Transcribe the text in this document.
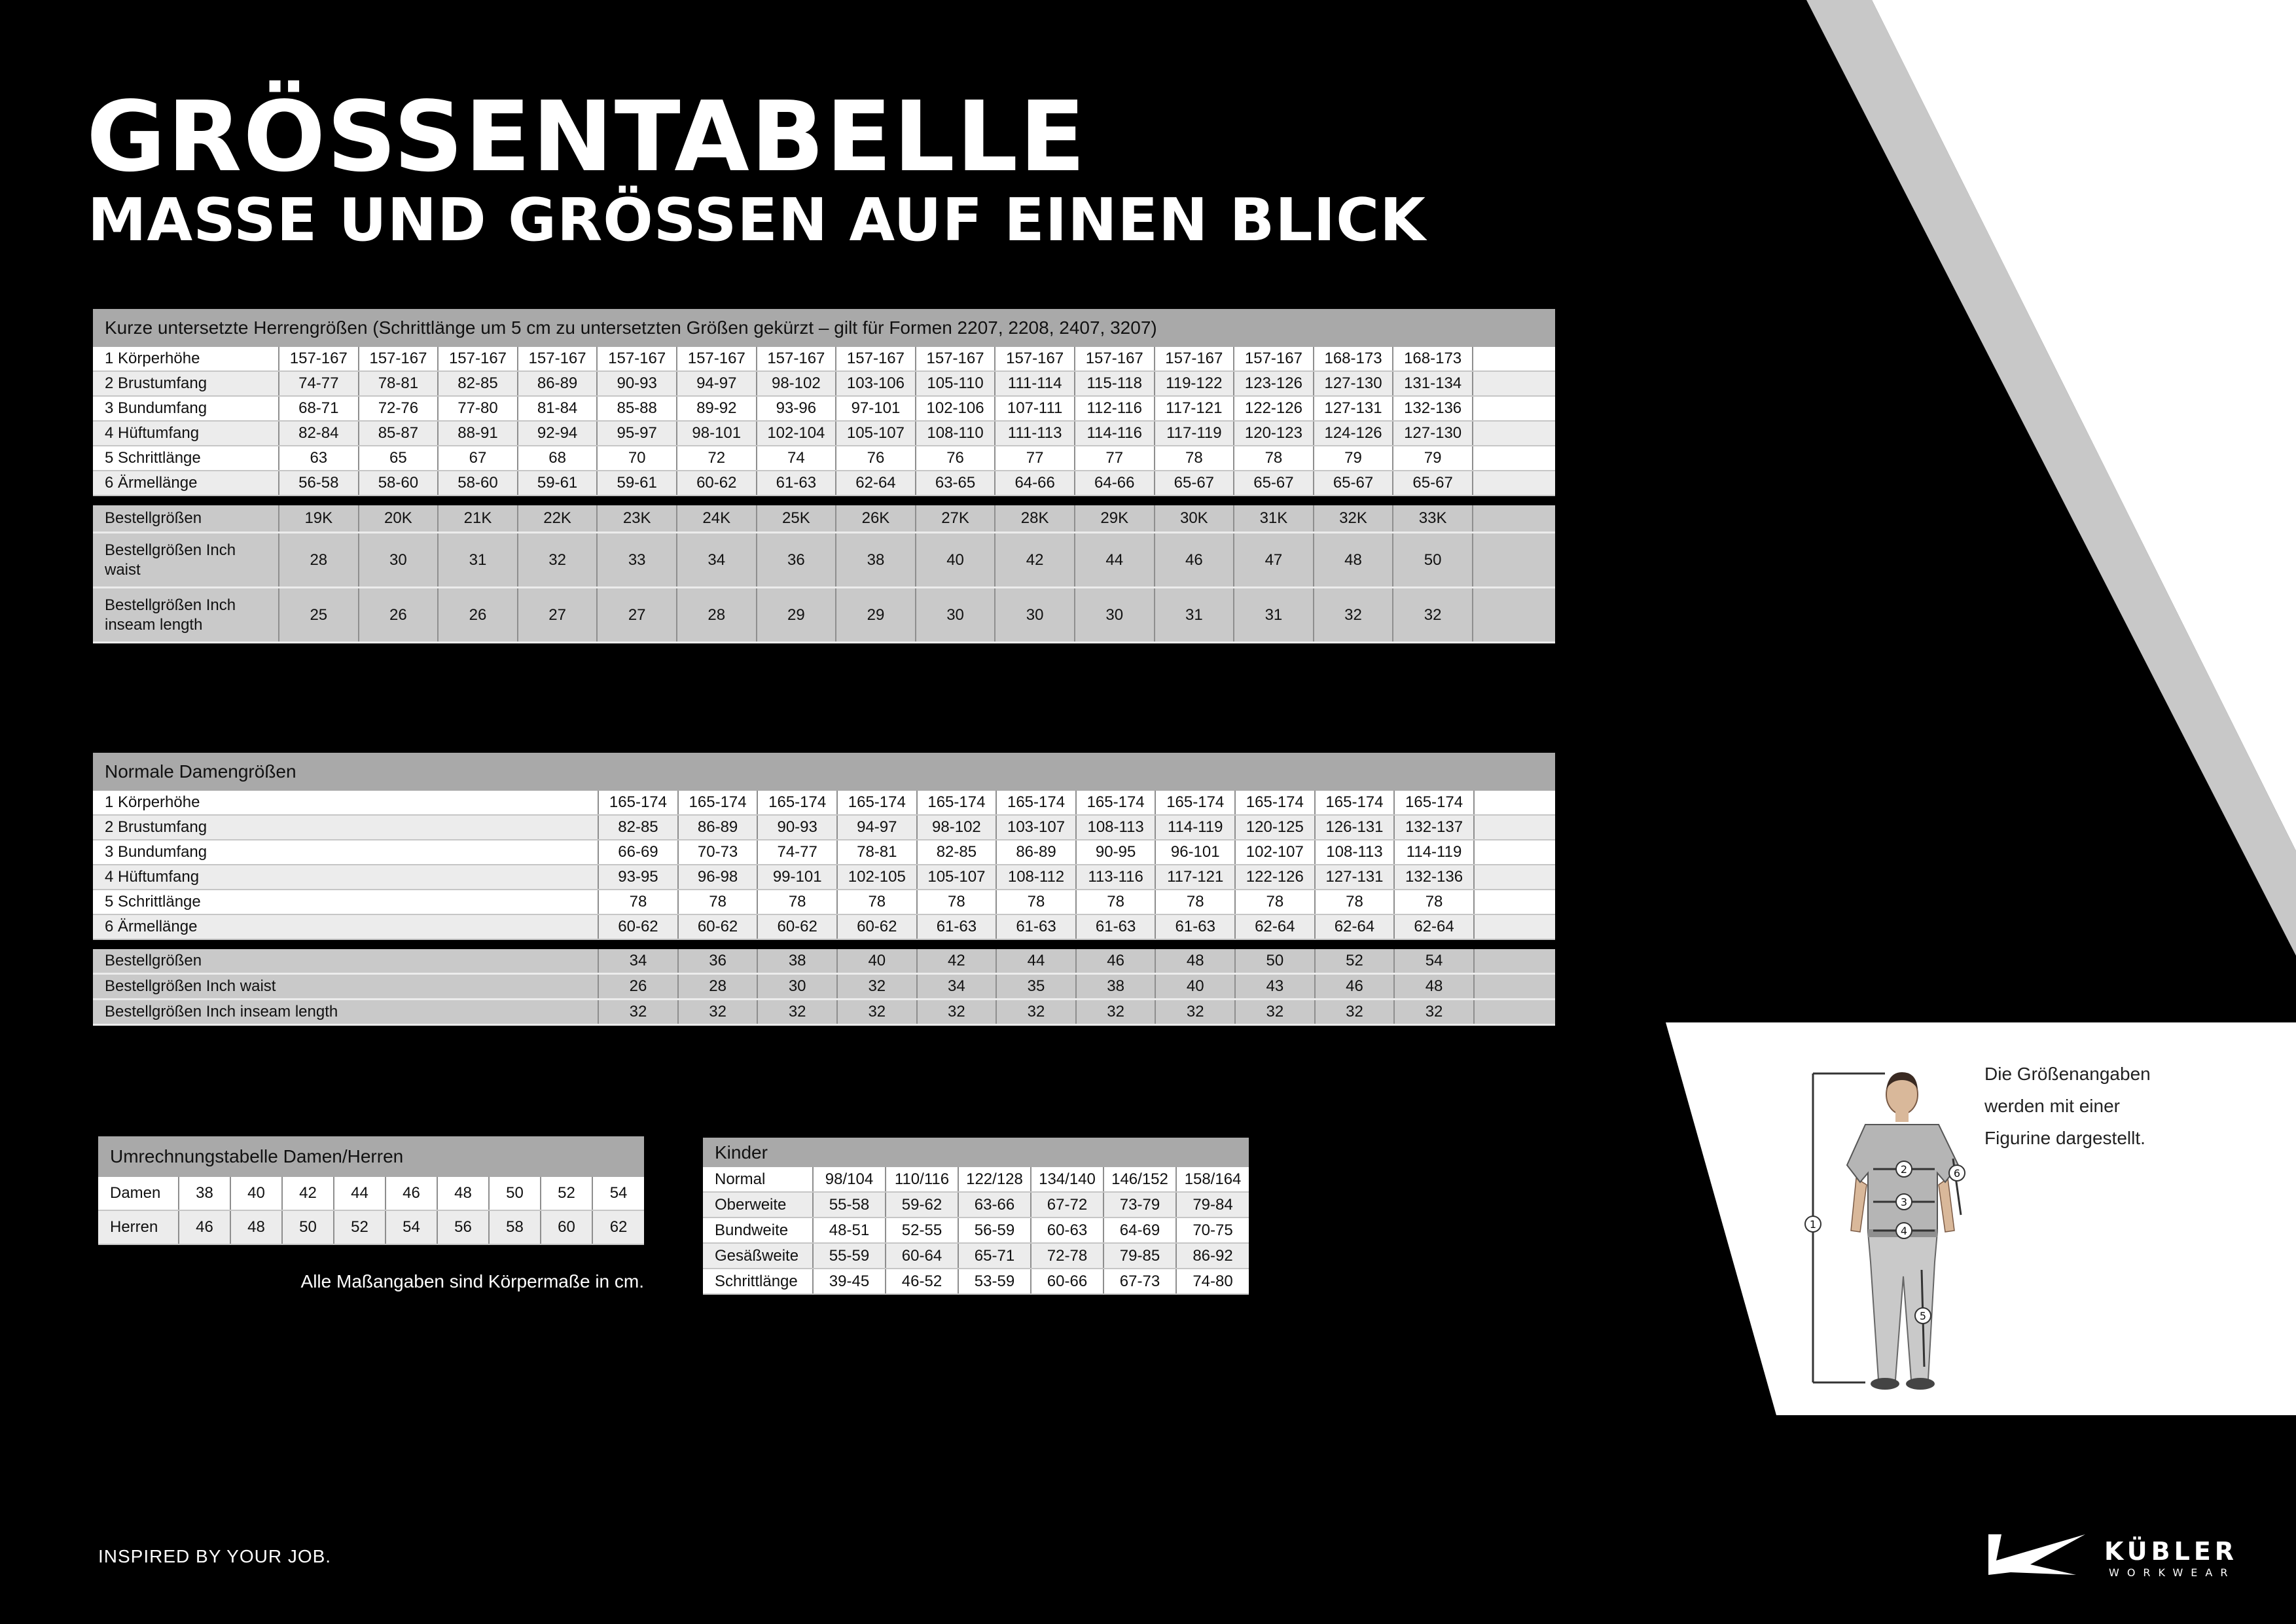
GRÖSSENTABELLE
MASSE UND GRÖSSEN AUF EINEN BLICK
Kurze untersetzte Herrengrößen (Schrittlänge um 5 cm zu untersetzten Größen gekürzt – gilt für Formen 2207, 2208, 2407, 3207)																
1 Körperhöhe	157-167	157-167	157-167	157-167	157-167	157-167	157-167	157-167	157-167	157-167	157-167	157-167	157-167	168-173	168-173	
2 Brustumfang	74-77	78-81	82-85	86-89	90-93	94-97	98-102	103-106	105-110	111-114	115-118	119-122	123-126	127-130	131-134	
3 Bundumfang	68-71	72-76	77-80	81-84	85-88	89-92	93-96	97-101	102-106	107-111	112-116	117-121	122-126	127-131	132-136	
4 Hüftumfang	82-84	85-87	88-91	92-94	95-97	98-101	102-104	105-107	108-110	111-113	114-116	117-119	120-123	124-126	127-130	
5 Schrittlänge	63	65	67	68	70	72	74	76	76	77	77	78	78	79	79	
6 Ärmellänge	56-58	58-60	58-60	59-61	59-61	60-62	61-63	62-64	63-65	64-66	64-66	65-67	65-67	65-67	65-67	

Bestellgrößen	19K	20K	21K	22K	23K	24K	25K	26K	27K	28K	29K	30K	31K	32K	33K	
Bestellgrößen Inch
waist	28	30	31	32	33	34	36	38	40	42	44	46	47	48	50	
Bestellgrößen Inch
inseam length	25	26	26	27	27	28	29	29	30	30	30	31	31	32	32	
Normale Damengrößen												
1 Körperhöhe	165-174	165-174	165-174	165-174	165-174	165-174	165-174	165-174	165-174	165-174	165-174	
2 Brustumfang	82-85	86-89	90-93	94-97	98-102	103-107	108-113	114-119	120-125	126-131	132-137	
3 Bundumfang	66-69	70-73	74-77	78-81	82-85	86-89	90-95	96-101	102-107	108-113	114-119	
4 Hüftumfang	93-95	96-98	99-101	102-105	105-107	108-112	113-116	117-121	122-126	127-131	132-136	
5 Schrittlänge	78	78	78	78	78	78	78	78	78	78	78	
6 Ärmellänge	60-62	60-62	60-62	60-62	61-63	61-63	61-63	61-63	62-64	62-64	62-64	

Bestellgrößen	34	36	38	40	42	44	46	48	50	52	54	
Bestellgrößen Inch waist	26	28	30	32	34	35	38	40	43	46	48	
Bestellgrößen Inch inseam length	32	32	32	32	32	32	32	32	32	32	32	
Umrechnungstabelle Damen/Herren									
Damen	38	40	42	44	46	48	50	52	54
Herren	46	48	50	52	54	56	58	60	62
Alle Maßangaben sind Körpermaße in cm.
Kinder						
Normal	98/104	110/116	122/128	134/140	146/152	158/164
Oberweite	55-58	59-62	63-66	67-72	73-79	79-84
Bundweite	48-51	52-55	56-59	60-63	64-69	70-75
Gesäßweite	55-59	60-64	65-71	72-78	79-85	86-92
Schrittlänge	39-45	46-52	53-59	60-66	67-73	74-80
1
2
3
4
5
6
Die Größenangaben
werden mit einer
Figurine dargestellt.
INSPIRED BY YOUR JOB.	KÜBLER
WORKWEAR
